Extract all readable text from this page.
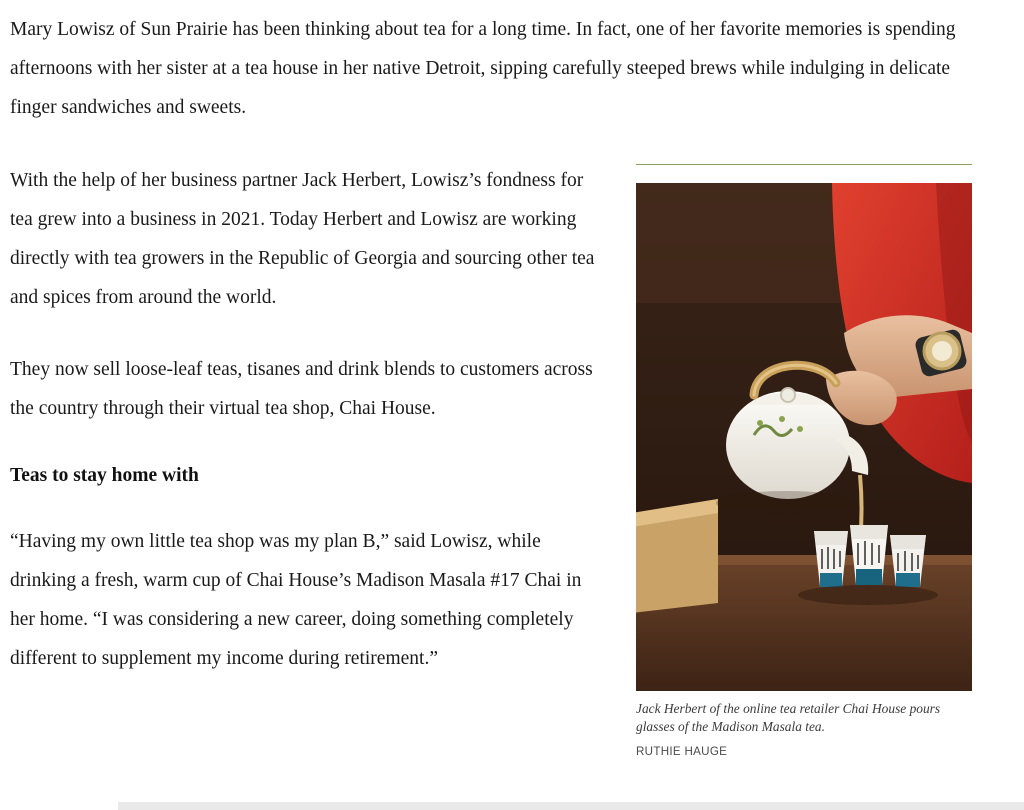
Mary Lowisz of Sun Prairie has been thinking about tea for a long time. In fact, one of her favorite memories is spending afternoons with her sister at a tea house in her native Detroit, sipping carefully steeped brews while indulging in delicate finger sandwiches and sweets.

With the help of her business partner Jack Herbert, Lowisz’s fondness for tea grew into a business in 2021. Today Herbert and Lowisz are working directly with tea growers in the Republic of Georgia and sourcing other tea and spices from around the world.

They now sell loose-leaf teas, tisanes and drink blends to customers across the country through their virtual tea shop, Chai House.

Teas to stay home with

“Having my own little tea shop was my plan B,” said Lowisz, while drinking a fresh, warm cup of Chai House’s Madison Masala #17 Chai in her home. “I was considering a new career, doing something completely different to supplement my income during retirement.”

Jack Herbert of the online tea retailer Chai House pours glasses of the Madison Masala tea.
RUTHIE HAUGE
